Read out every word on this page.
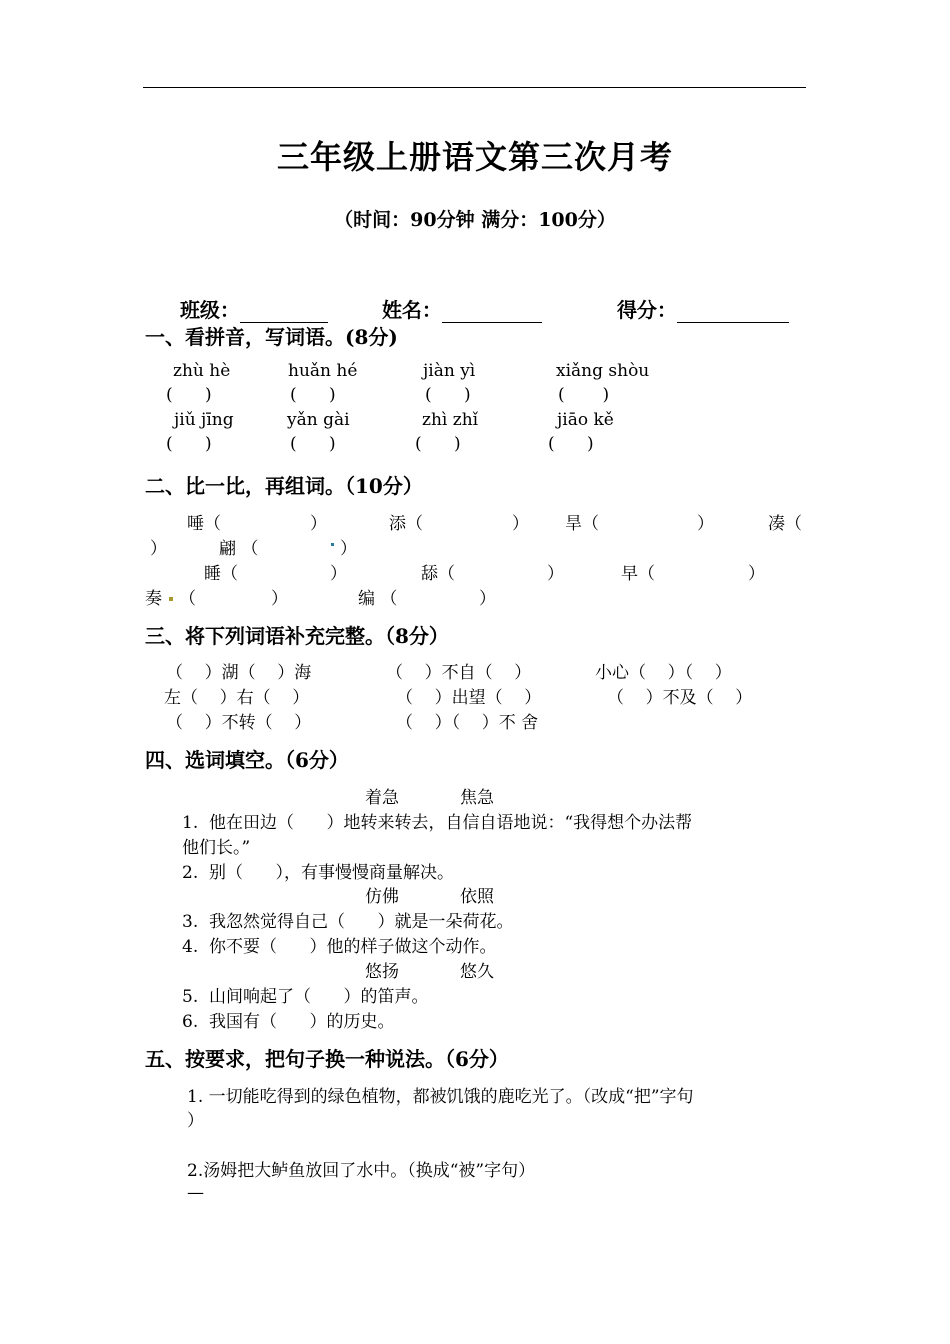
三年级上册语文第三次月考
（时间：90分钟 满分：100分）

班级：	姓名：	得分：

一、看拼音，写词语。(8分)
zhù hè	huǎn hé	jiàn yì	xiǎng shòu
(      )	(      )	(      )	(       )
jiǔ jīng	yǎn gài	zhì zhǐ	jiāo kě
(      )	(      )	(      )	(      )
二、比一比，再组词。（10分）
唾（	）	添（	） 旱（	）	凑（
）	翩 （	）
睡（	）	舔（	）	早（	）
奏 （	）	编 （	）
三、将下列词语补充完整。（8分）
（    ）湖（    ）海	（    ）不自（    ）	小心（    ）（    ）
左（    ）右（    ）	（    ）出望（    ）	（    ）不及（    ）
（    ）不转（    ）	（    ）（    ）不 舍
四、选词填空。（6分）
着急	焦急
1.  他在田边（      ）地转来转去，自信自语地说：“我得想个办法帮
他们长。”
2.  别（      ），有事慢慢商量解决。
仿佛	依照
3.  我忽然觉得自己（      ）就是一朵荷花。
4.  你不要（      ）他的样子做这个动作。
悠扬	悠久
5.  山间响起了（      ）的笛声。
6.  我国有（      ）的历史。
五、按要求，把句子换一种说法。（6分）
1. 一切能吃得到的绿色植物，都被饥饿的鹿吃光了。（改成“把”字句
）
2.汤姆把大鲈鱼放回了水中。（换成“被”字句）
—
